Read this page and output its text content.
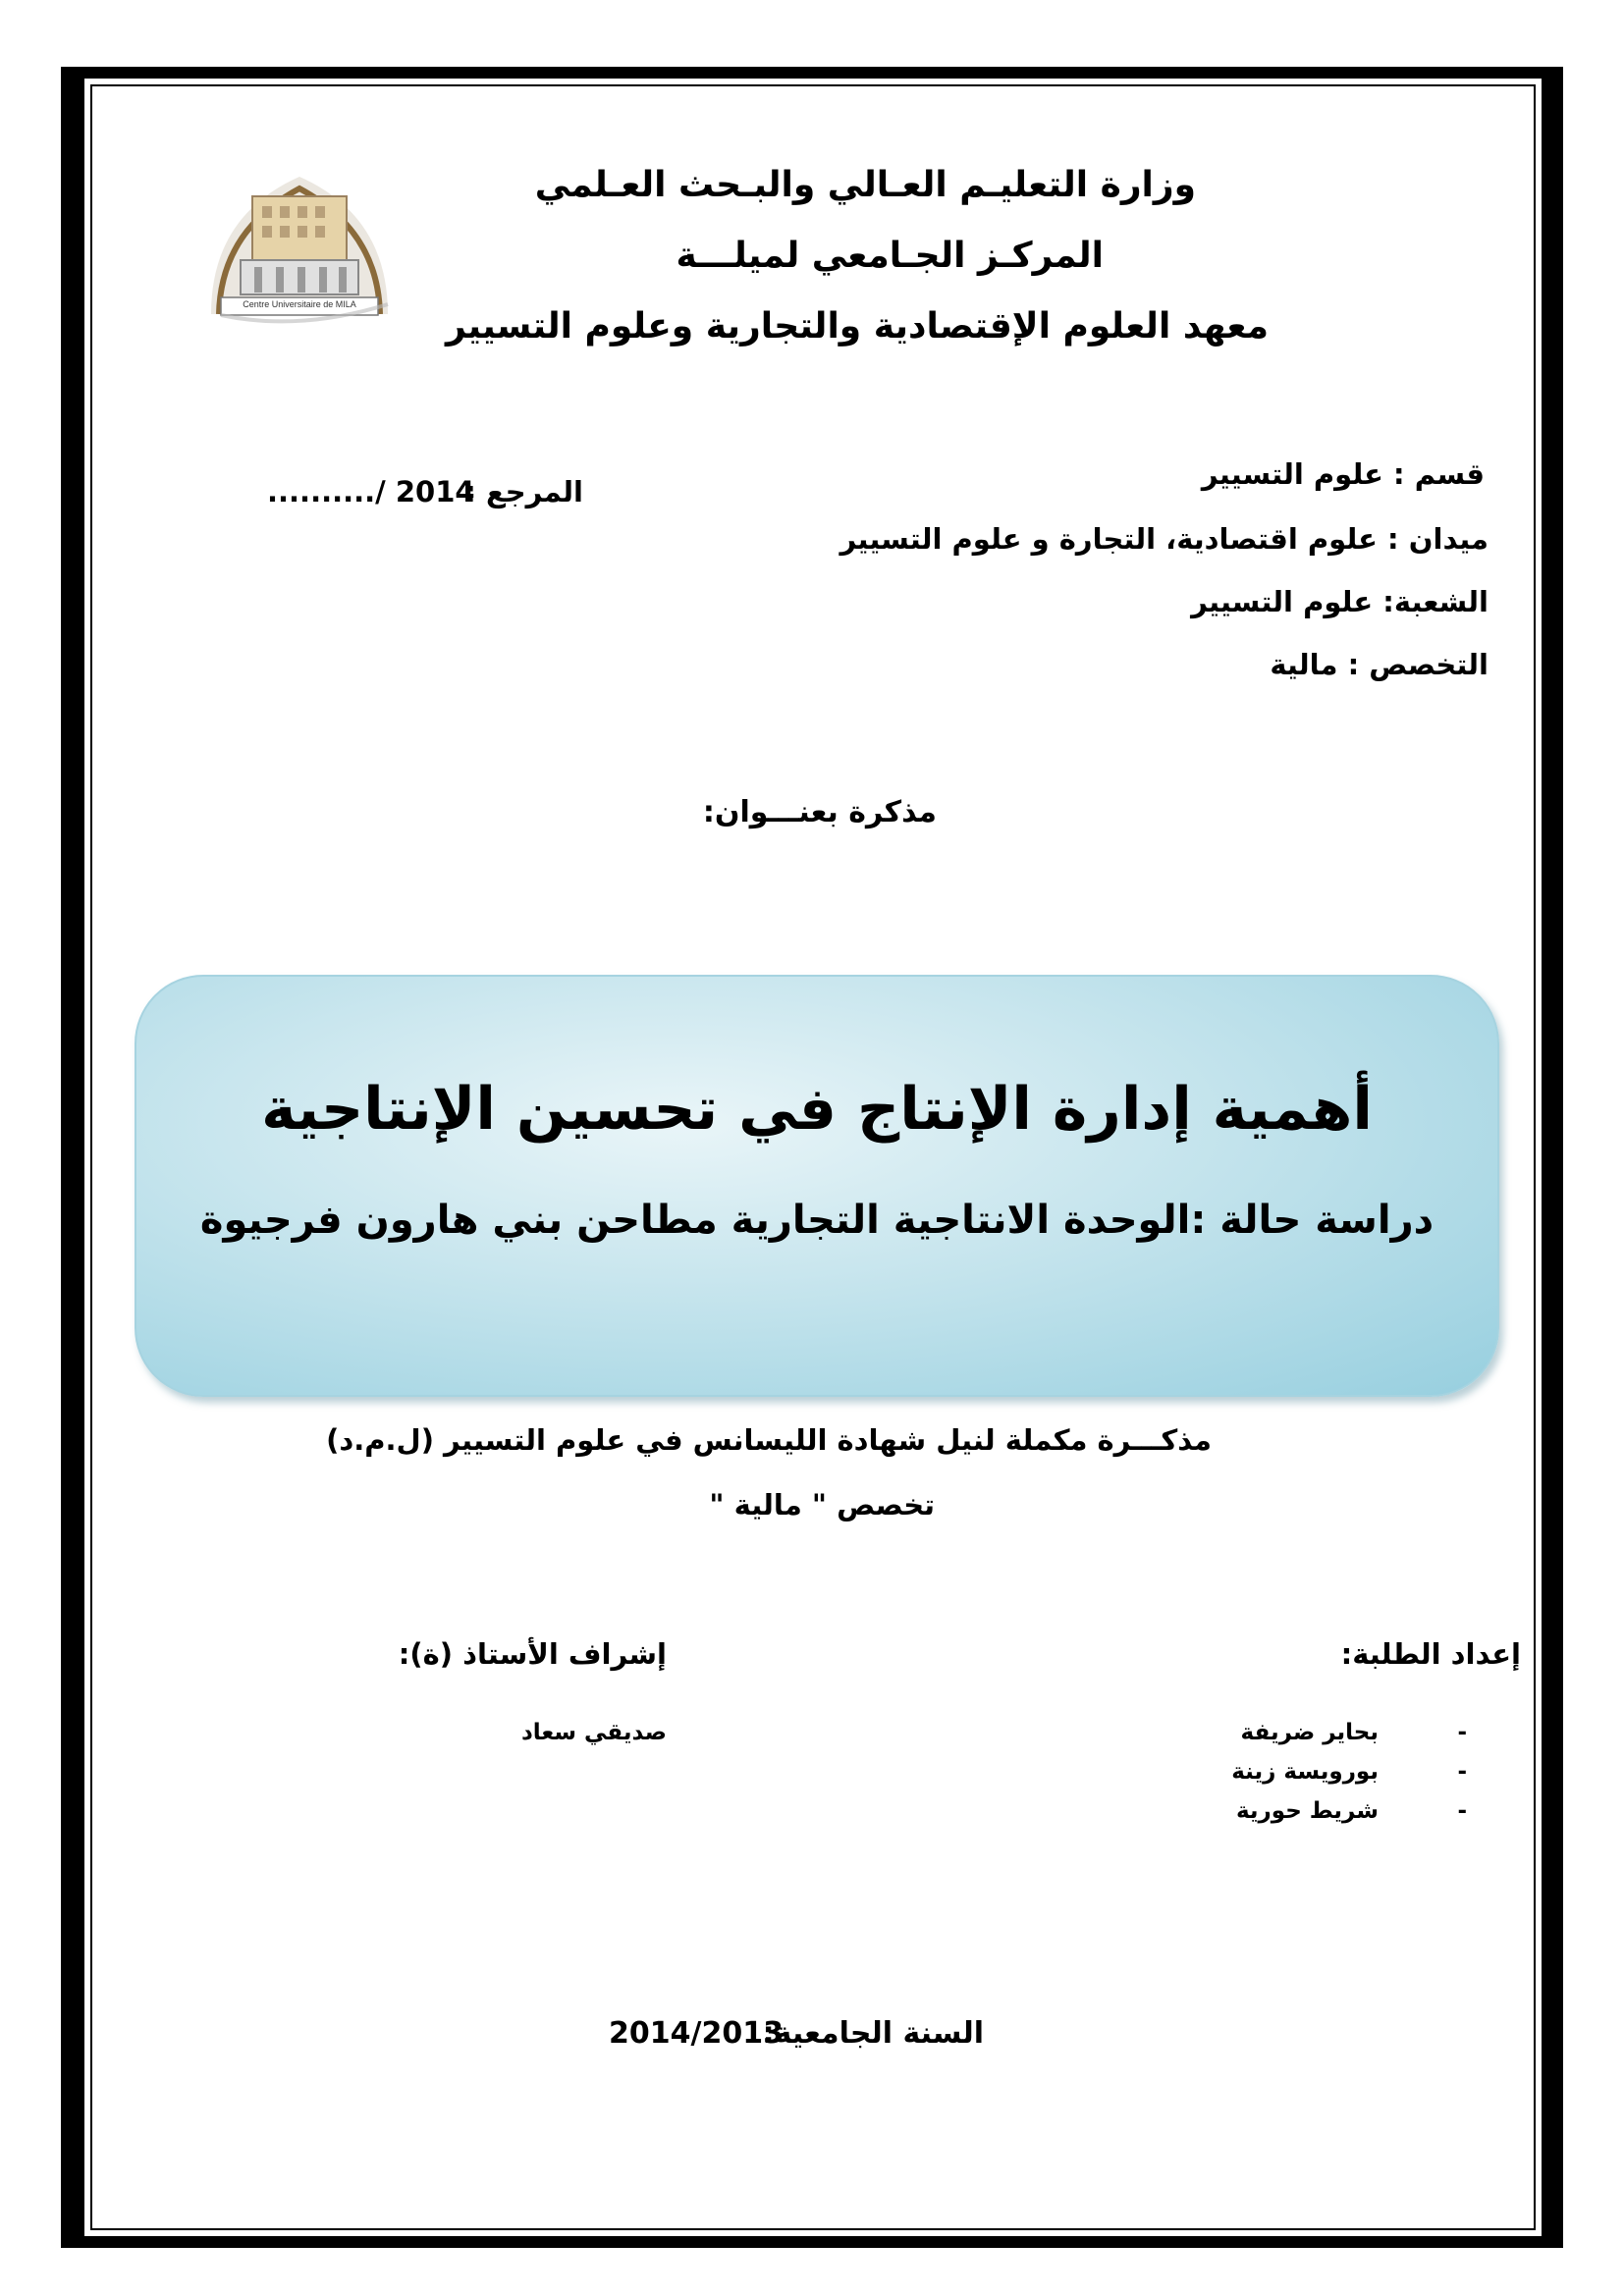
Centre Universitaire de MILA
وزارة التعليـم العـالي والبـحث العـلمي
المركـز الجـامعي لميلـــة
معهد العلوم الإقتصادية والتجارية وعلوم التسيير
قسم : علوم التسيير
المرجع :
........../ 2014
ميدان : علوم اقتصادية، التجارة و علوم التسيير
الشعبة: علوم التسيير
التخصص : مالية
مذكرة بعنـــوان:
أهمية إدارة الإنتاج في تحسين الإنتاجية
دراسة حالة :الوحدة الانتاجية التجارية مطاحن بني هارون فرجيوة
مذكـــرة مكملة لنيل شهادة الليسانس في علوم التسيير (ل.م.د)
تخصص " مالية "
إعداد الطلبة:
إشراف الأستاذ (ة):
بحاير ضريفة	-
بورويسة زينة	-
شريط حورية	-
صديقي سعاد
السنة الجامعية:
2014/2013
